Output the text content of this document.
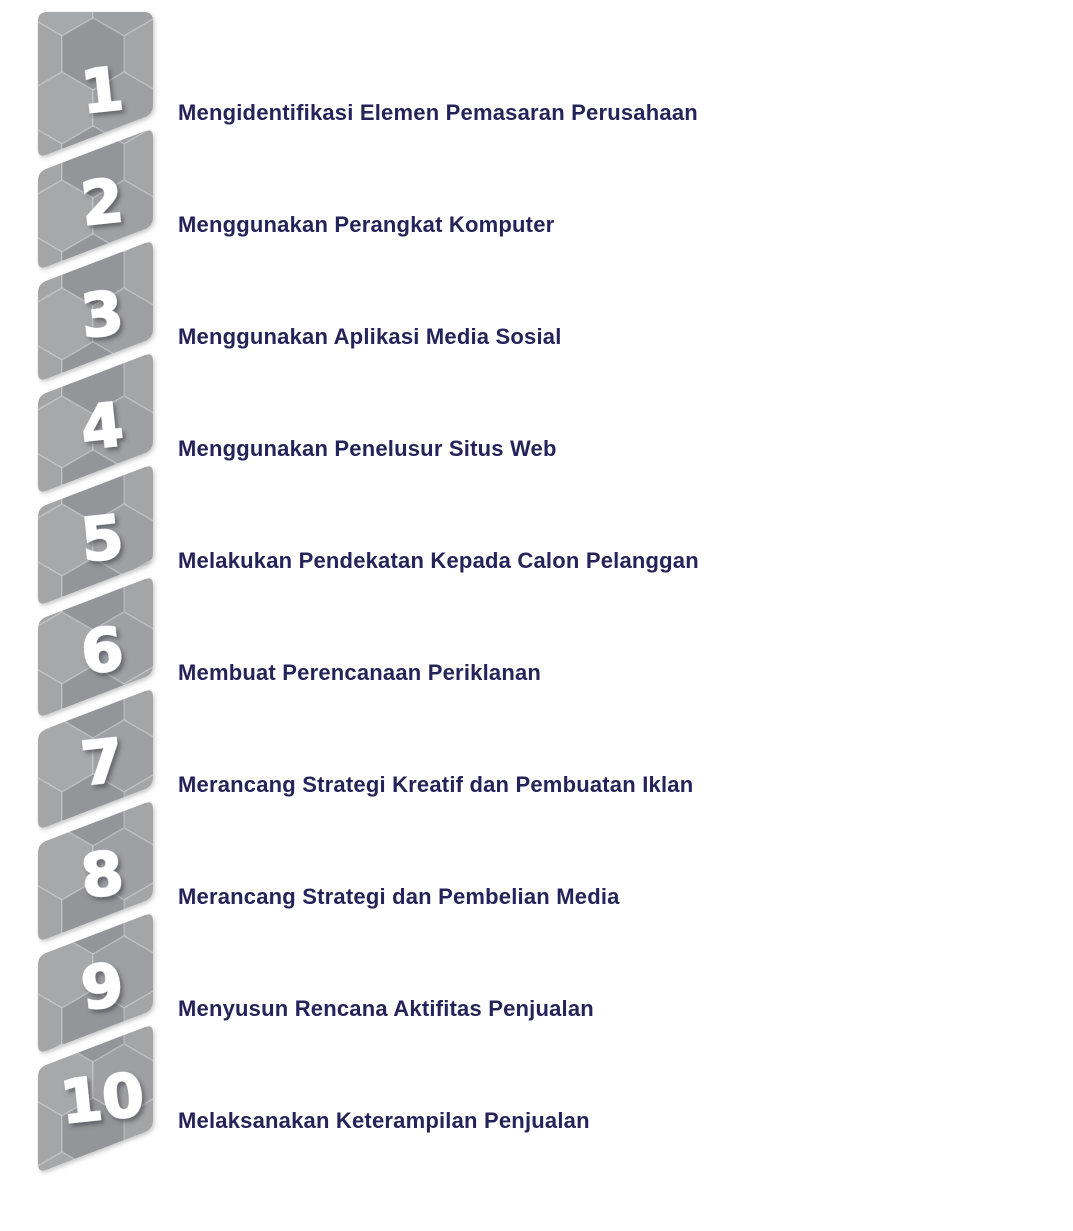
1
2
3
4
5
6
7
8
9
10
Mengidentifikasi Elemen Pemasaran Perusahaan
Menggunakan Perangkat Komputer
Menggunakan Aplikasi Media Sosial
Menggunakan Penelusur Situs Web
Melakukan Pendekatan Kepada Calon Pelanggan
Membuat Perencanaan Periklanan
Merancang Strategi Kreatif dan Pembuatan Iklan
Merancang Strategi dan Pembelian Media
Menyusun Rencana Aktifitas Penjualan
Melaksanakan Keterampilan Penjualan
